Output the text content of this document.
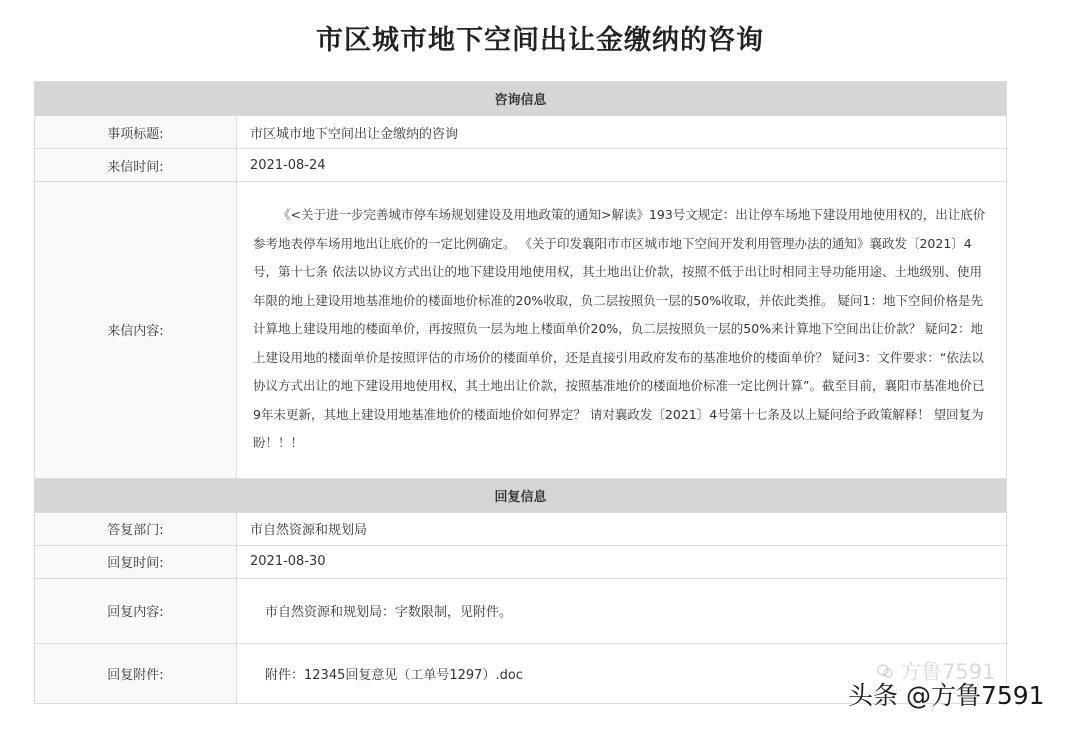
市区城市地下空间出让金缴纳的咨询
咨询信息	
事项标题:	市区城市地下空间出让金缴纳的咨询
来信时间:	2021-08-24
来信内容:	《<关于进一步完善城市停车场规划建设及用地政策的通知>解读》193号文规定：出让停车场地下建设用地使用权的，出让底价参考地表停车场用地出让底价的一定比例确定。 《关于印发襄阳市市区城市地下空间开发利用管理办法的通知》襄政发〔2021〕4号，第十七条 依法以协议方式出让的地下建设用地使用权，其土地出让价款，按照不低于出让时相同主导功能用途、土地级别、使用年限的地上建设用地基准地价的楼面地价标准的20%收取，负二层按照负一层的50%收取，并依此类推。 疑问1：地下空间价格是先计算地上建设用地的楼面单价，再按照负一层为地上楼面单价20%，负二层按照负一层的50%来计算地下空间出让价款？ 疑问2：地上建设用地的楼面单价是按照评估的市场价的楼面单价，还是直接引用政府发布的基准地价的楼面单价？ 疑问3：文件要求：“依法以协议方式出让的地下建设用地使用权，其土地出让价款，按照基准地价的楼面地价标准一定比例计算”。截至目前，襄阳市基准地价已9年未更新，其地上建设用地基准地价的楼面地价如何界定？ 请对襄政发〔2021〕4号第十七条及以上疑问给予政策解释！ 望回复为盼！！！

回复信息	
答复部门:	市自然资源和规划局
回复时间:	2021-08-30
回复内容:	市自然资源和规划局：字数限制，见附件。
回复附件:	附件：12345回复意见（工单号1297）.doc	方鲁7591
头条 @方鲁7591
